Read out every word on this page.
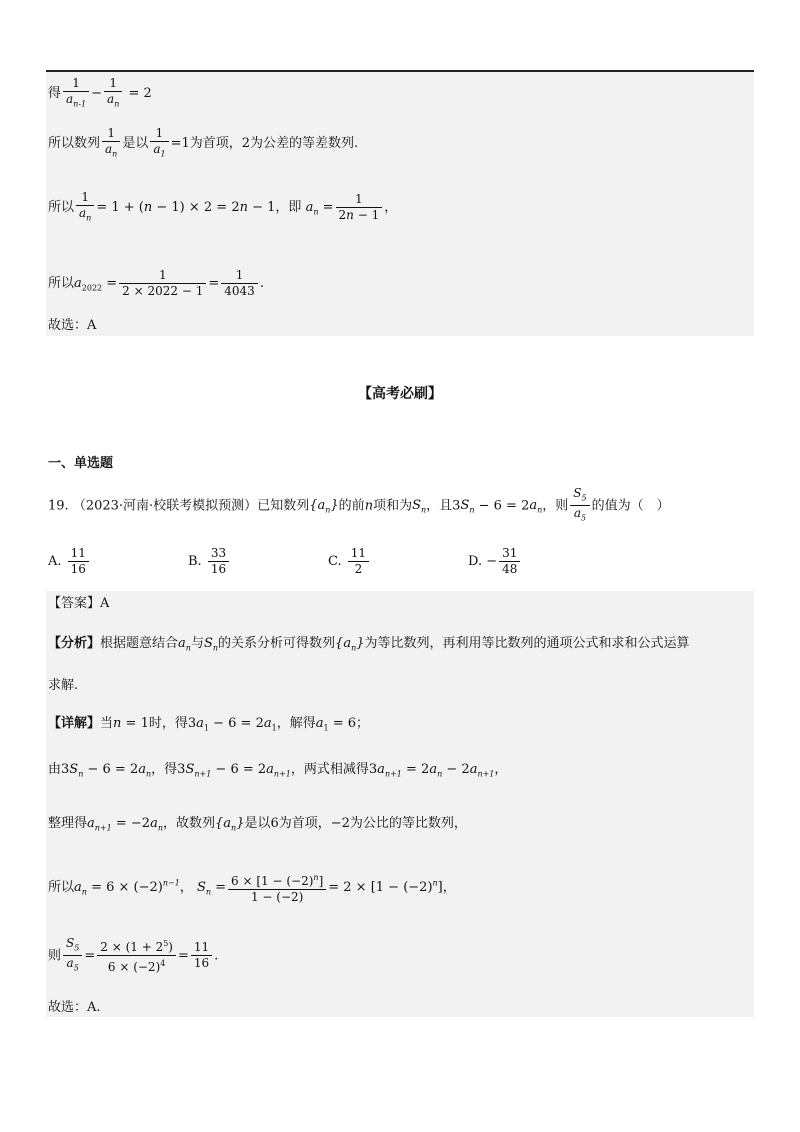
得 $\frac{1}{a_{n-1}} - \frac{1}{a_n} = 2$
所以数列 $\frac{1}{a_n}$ 是以 $\frac{1}{a_1} =1$为首项，2为公差的等差数列.
所以 $\frac{1}{a_n} = 1 + (n - 1) \times 2 = 2n - 1$，即 $a_n = \frac{1}{2n - 1}$ ，
所以$a_{2022} = \frac{1}{2 \times 2022 - 1} = \frac{1}{4043}$ .
故选：A
【高考必刷】
一、单选题
19. （2023·河南·校联考模拟预测）已知数列$\{a_n\}$的前n项和为$S_n$，且$3S_n - 6 = 2a_n$，则 $\frac{S_5}{a_5}$ 的值为（　）
A. $\frac{11}{16}$	B. $\frac{33}{16}$	C. $\frac{11}{2}$	D. − $\frac{31}{48}$
【答案】A
【分析】根据题意结合$a_n$与$S_n$的关系分析可得数列$\{a_n\}$为等比数列，再利用等比数列的通项公式和求和公式运算
求解.
【详解】当n = 1时，得$3a_1 - 6 = 2a_1$，解得$a_1 = 6$；
由$3S_n - 6 = 2a_n$，得$3S_{n+1} - 6 = 2a_{n+1}$，两式相减得$3a_{n+1} = 2a_n - 2a_{n+1}$，
整理得$a_{n+1} = -2a_n$，故数列$\{a_n\}$是以6为首项，−2为公比的等比数列，
所以$a_n = 6 \times (-2)^{n-1}$， $S_n = \frac{6 \times [1 - (-2)^n]}{1 - (-2)} = 2 \times [1 - (-2)^n]$，
则 $\frac{S_5}{a_5} = \frac{2 \times (1 + 2^5)}{6 \times (-2)^4} = \frac{11}{16}$ .
故选：A.
